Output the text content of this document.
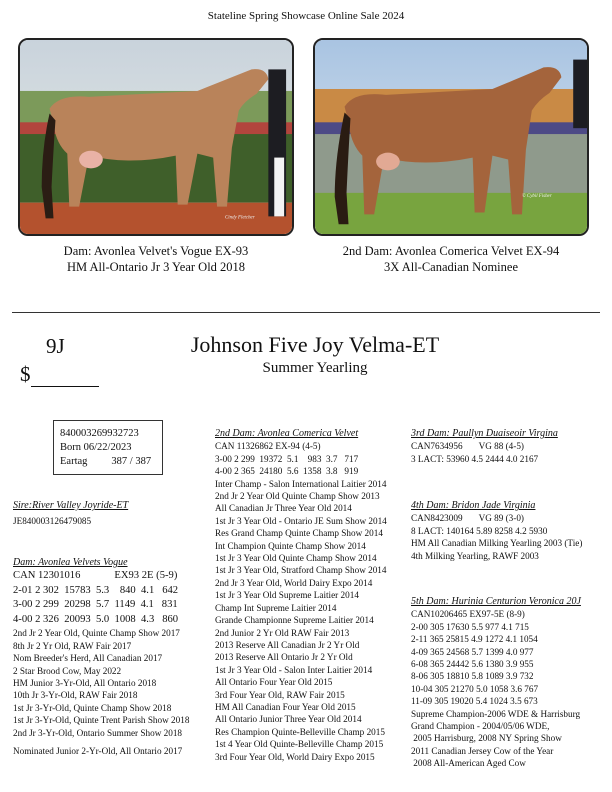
Stateline Spring Showcase Online Sale 2024
Cindy Fletcher
Dam: Avonlea Velvet's Vogue EX-93
HM All-Ontario Jr 3 Year Old 2018
© Cybil Fisher
2nd Dam: Avonlea Comerica Velvet EX-94
3X All-Canadian Nominee
9J
$
Johnson Five Joy Velma-ET
Summer Yearling
840003269932723
Born 06/22/2023
Eartag 387 / 387
Sire:River Valley Joyride-ET
JE840003126479085
Dam: Avonlea Velvets Vogue
CAN 12301016	EX93 2E (5-9)
2-01 2 302  15783  5.3    840  4.1   642
3-00 2 299  20298  5.7  1149  4.1   831
4-00 2 326  20093  5.0  1008  4.3   860
2nd Jr 2 Year Old, Quinte Champ Show 2017
8th Jr 2 Yr Old, RAW Fair 2017
Nom Breeder's Herd, All Canadian 2017
2 Star Brood Cow, May 2022
HM Junior 3-Yr-Old, All Ontario 2018
10th Jr 3-Yr-Old, RAW Fair 2018
1st Jr 3-Yr-Old, Quinte Champ Show 2018
1st Jr 3-Yr-Old, Quinte Trent Parish Show 2018
2nd Jr 3-Yr-Old, Ontario Summer Show 2018
Nominated Junior 2-Yr-Old, All Ontario 2017
2nd Dam: Avonlea Comerica Velvet
CAN 11326862 EX-94 (4-5)
3-00 2 299  19372  5.1    983  3.7   717
4-00 2 365  24180  5.6  1358  3.8   919
Inter Champ - Salon International Laitier 2014
2nd Jr 2 Year Old Quinte Champ Show 2013
All Canadian Jr Three Year Old 2014
1st Jr 3 Year Old - Ontario JE Sum Show 2014
Res Grand Champ Quinte Champ Show 2014
Int Champion Quinte Champ Show 2014
1st Jr 3 Year Old Quinte Champ Show 2014
1st Jr 3 Year Old, Stratford Champ Show 2014
2nd Jr 3 Year Old, World Dairy Expo 2014
1st Jr 3 Year Old Supreme Laitier 2014
Champ Int Supreme Laitier 2014
Grande Championne Supreme Laitier 2014
2nd Junior 2 Yr Old RAW Fair 2013
2013 Reserve All Canadian Jr 2 Yr Old
2013 Reserve All Ontario Jr 2 Yr Old
1st Jr 3 Year Old - Salon Inter Laitier 2014
All Ontario Four Year Old 2015
3rd Four Year Old, RAW Fair 2015
HM All Canadian Four Year Old 2015
All Ontario Junior Three Year Old 2014
Res Champion Quinte-Belleville Champ 2015
1st 4 Year Old Quinte-Belleville Champ 2015
3rd Four Year Old, World Dairy Expo 2015
3rd Dam: Paullyn Duaiseoir Virgina
CAN7634956 VG 88 (4-5)
3 LACT: 53960 4.5 2444 4.0 2167
4th Dam: Bridon Jade Virginia
CAN8423009 VG 89 (3-0)
8 LACT: 140164 5.89 8258 4.2 5930
HM All Canadian Milking Yearling 2003 (Tie)
4th Milking Yearling, RAWF 2003
5th Dam: Hurinia Centurion Veronica 20J
CAN10206465 EX97-5E (8-9)
2-00 305 17630 5.5 977 4.1 715
2-11 365 25815 4.9 1272 4.1 1054
4-09 365 24568 5.7 1399 4.0 977
6-08 365 24442 5.6 1380 3.9 955
8-06 305 18810 5.8 1089 3.9 732
10-04 305 21270 5.0 1058 3.6 767
11-09 305 19020 5.4 1024 3.5 673
Supreme Champion-2006 WDE & Harrisburg
Grand Champion - 2004/05/06 WDE,
2005 Harrisburg, 2008 NY Spring Show
2011 Canadian Jersey Cow of the Year
2008 All-American Aged Cow
